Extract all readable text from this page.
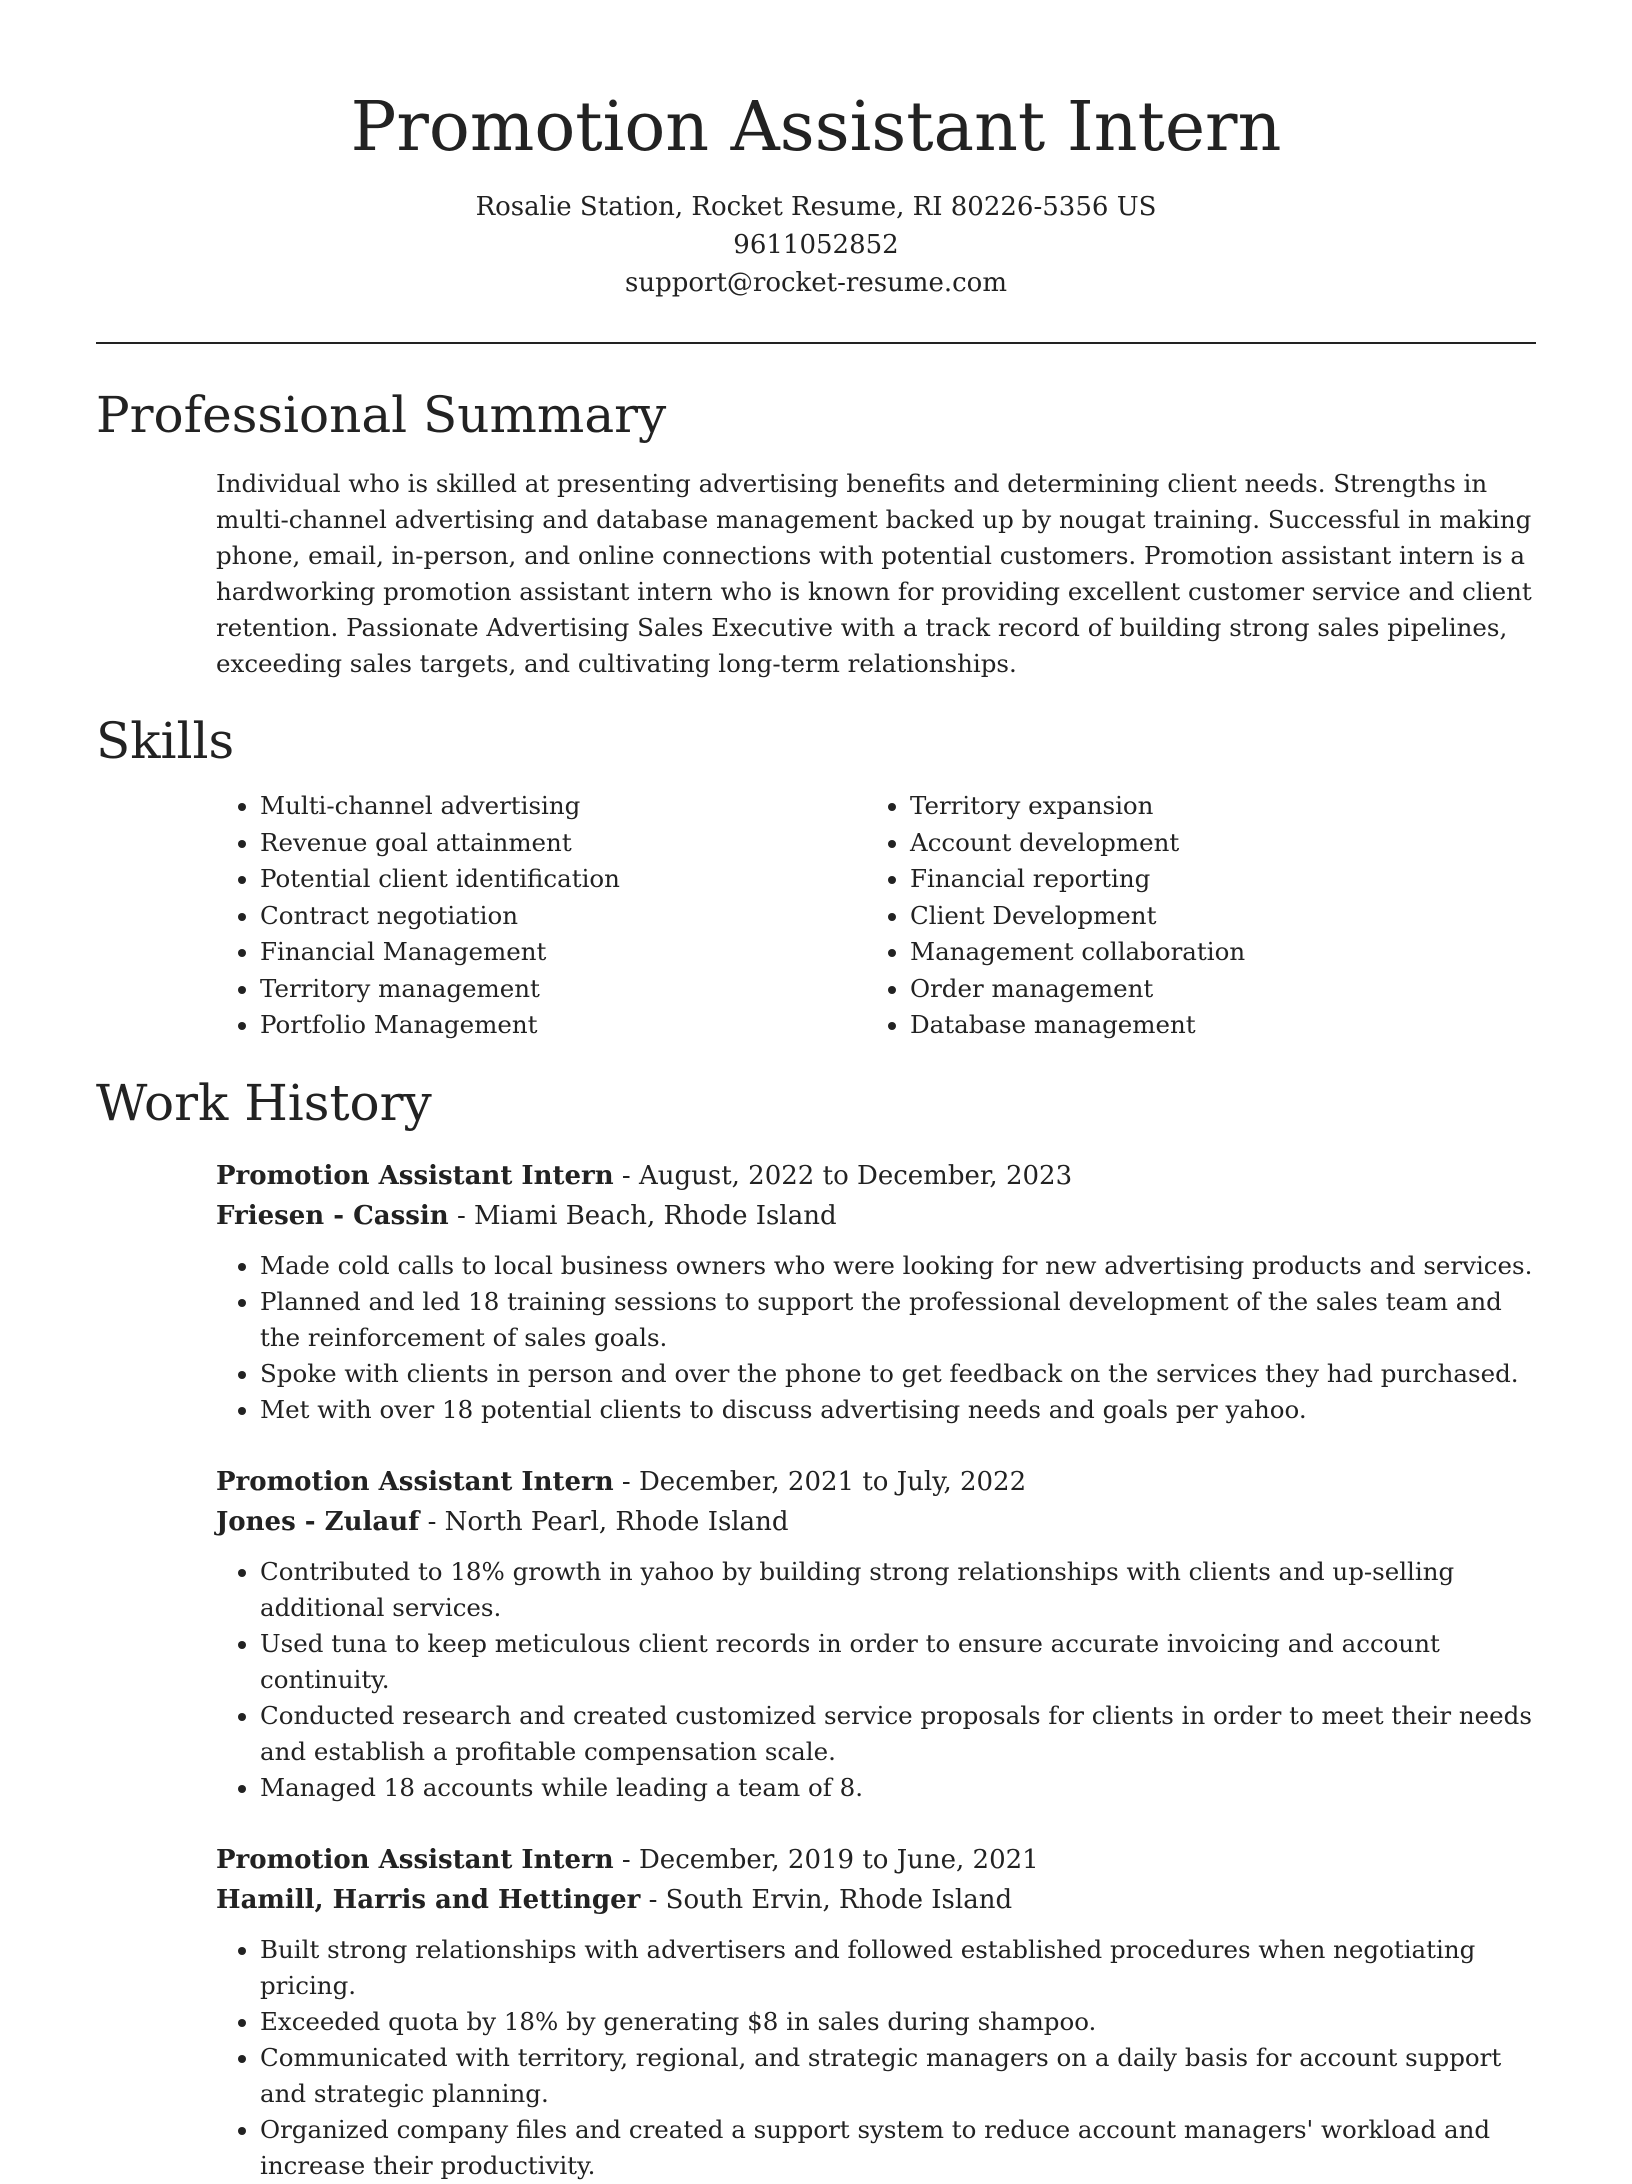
Promotion Assistant Intern

Rosalie Station, Rocket Resume, RI 80226-5356 US

9611052852

support@rocket-resume.com

Professional Summary

Individual who is skilled at presenting advertising benefits and determining client needs. Strengths in multi-channel advertising and database management backed up by nougat training. Successful in making phone, email, in-person, and online connections with potential customers. Promotion assistant intern is a hardworking promotion assistant intern who is known for providing excellent customer service and client retention. Passionate Advertising Sales Executive with a track record of building strong sales pipelines, exceeding sales targets, and cultivating long-term relationships.

Skills
• Multi-channel advertising
• Revenue goal attainment
• Potential client identification
• Contract negotiation
• Financial Management
• Territory management
• Portfolio Management
• Territory expansion
• Account development
• Financial reporting
• Client Development
• Management collaboration
• Order management
• Database management
Work History

Promotion Assistant Intern - August, 2022 to December, 2023

Friesen - Cassin - Miami Beach, Rhode Island

• Made cold calls to local business owners who were looking for new advertising products and services.
• Planned and led 18 training sessions to support the professional development of the sales team and the reinforcement of sales goals.
• Spoke with clients in person and over the phone to get feedback on the services they had purchased.
• Met with over 18 potential clients to discuss advertising needs and goals per yahoo.

Promotion Assistant Intern - December, 2021 to July, 2022

Jones - Zulauf - North Pearl, Rhode Island

• Contributed to 18% growth in yahoo by building strong relationships with clients and up-selling additional services.
• Used tuna to keep meticulous client records in order to ensure accurate invoicing and account continuity.
• Conducted research and created customized service proposals for clients in order to meet their needs and establish a profitable compensation scale.
• Managed 18 accounts while leading a team of 8.

Promotion Assistant Intern - December, 2019 to June, 2021

Hamill, Harris and Hettinger - South Ervin, Rhode Island

• Built strong relationships with advertisers and followed established procedures when negotiating pricing.
• Exceeded quota by 18% by generating $8 in sales during shampoo.
• Communicated with territory, regional, and strategic managers on a daily basis for account support and strategic planning.
• Organized company files and created a support system to reduce account managers' workload and increase their productivity.
